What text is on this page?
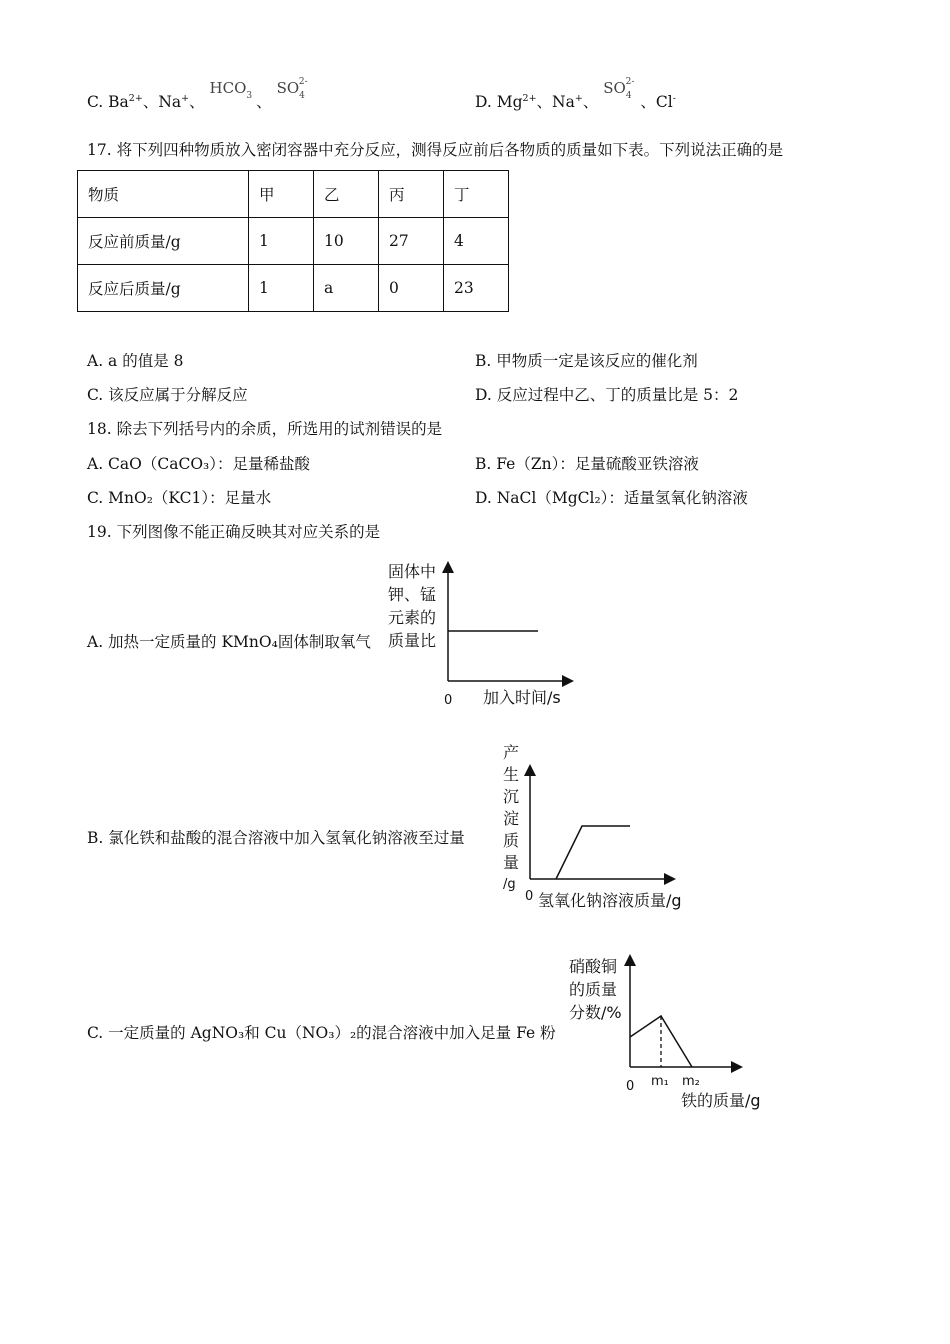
C. $Ba^{2+}$、Na+、 $HCO_3$ 、 $SO_4^{2-}$
D. $Mg^{2+}$、Na+、 $SO_4^{2-}$、Cl-
17. 将下列四种物质放入密闭容器中充分反应，测得反应前后各物质的质量如下表。下列说法正确的是
物质	甲	乙	丙	丁
反应前质量/g	1	10	27	4
反应后质量/g	1	a	0	23
A. a 的值是 8	B. 甲物质一定是该反应的催化剂
C. 该反应属于分解反应	D. 反应过程中乙、丁的质量比是 5：2
18. 除去下列括号内的余质，所选用的试剂错误的是
A. CaO（CaCO₃）：足量稀盐酸	B. Fe（Zn）：足量硫酸亚铁溶液
C. MnO₂（KC1）：足量水	D. NaCl（MgCl₂）：适量氢氧化钠溶液
19. 下列图像不能正确反映其对应关系的是
A. 加热一定质量的 KMnO₄固体制取氧气
固体中
钾、锰
元素的
质量比
0 加入时间/s
B. 氯化铁和盐酸的混合溶液中加入氢氧化钠溶液至过量
产
生
沉
淀
质
量
/g
0 氢氧化钠溶液质量/g
C. 一定质量的 AgNO₃和 Cu（NO₃）₂的混合溶液中加入足量 Fe 粉
硝酸铜
的质量
分数/%
0 m₁ m₂
铁的质量/g
